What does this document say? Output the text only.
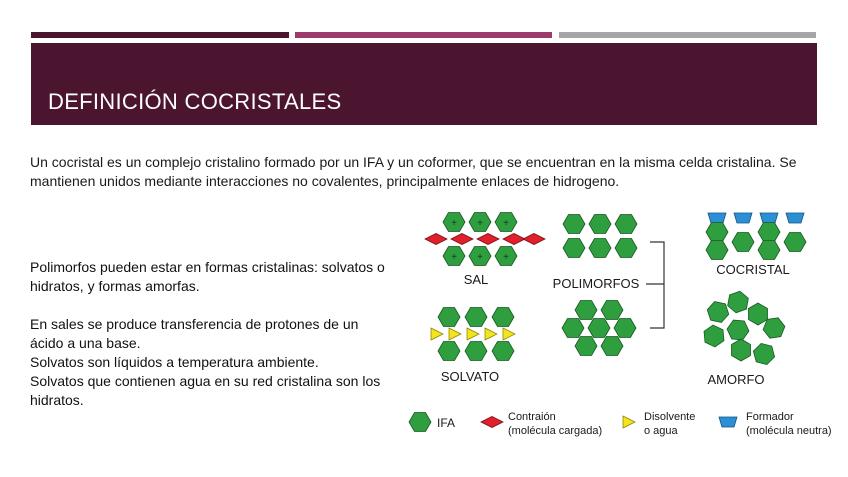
DEFINICIÓN COCRISTALES
Un cocristal es un complejo cristalino formado por un IFA y un coformer, que se encuentran en la misma celda cristalina. Se mantienen unidos mediante interacciones no covalentes, principalmente enlaces de hidrogeno.

Polimorfos pueden estar en formas cristalinas: solvatos o hidratos, y formas amorfas.

En sales se produce transferencia de protones de un ácido a una base.

Solvatos son líquidos a temperatura ambiente.

Solvatos que contienen agua en su red cristalina son los hidratos.

+ + +
+ + +
SAL	POLIMORFOS
COCRISTAL
SOLVATO	AMORFO
IFA	Contraión
(molécula cargada)
Disolvente
o agua
Formador
(molécula neutra)
